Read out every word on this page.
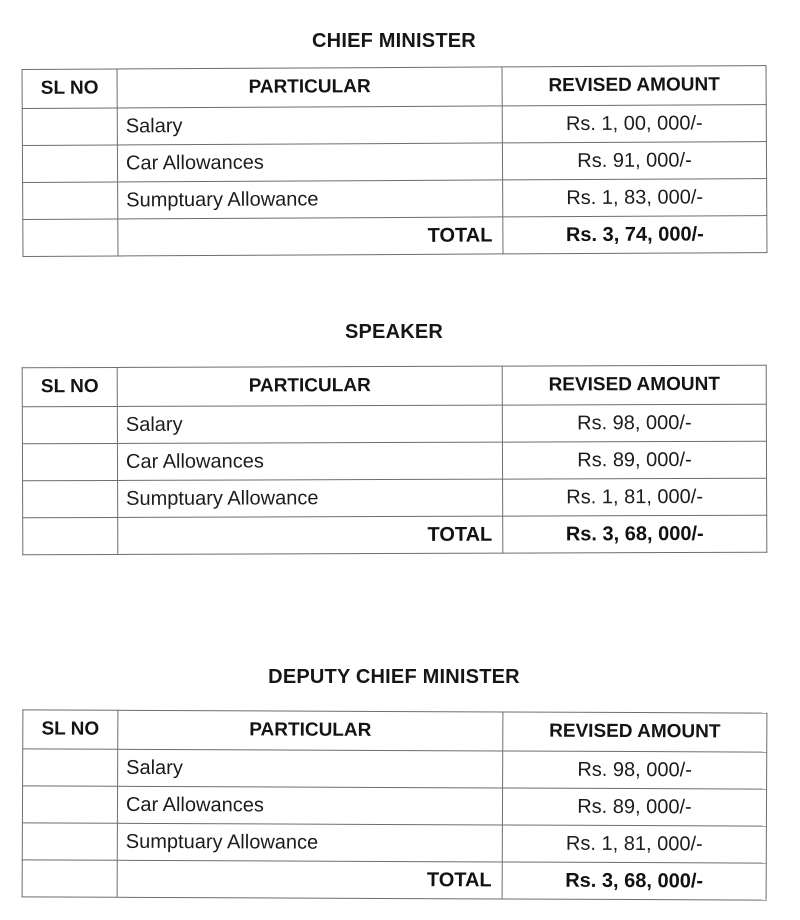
CHIEF MINISTER
SL NO	PARTICULAR	REVISED AMOUNT
	Salary	Rs. 1, 00, 000/-
	Car Allowances	Rs. 91, 000/-
	Sumptuary Allowance	Rs. 1, 83, 000/-
	TOTAL	Rs. 3, 74, 000/-
SPEAKER
SL NO	PARTICULAR	REVISED AMOUNT
	Salary	Rs. 98, 000/-
	Car Allowances	Rs. 89, 000/-
	Sumptuary Allowance	Rs. 1, 81, 000/-
	TOTAL	Rs. 3, 68, 000/-
DEPUTY CHIEF MINISTER
SL NO	PARTICULAR	REVISED AMOUNT
	Salary	Rs. 98, 000/-
	Car Allowances	Rs. 89, 000/-
	Sumptuary Allowance	Rs. 1, 81, 000/-
	TOTAL	Rs. 3, 68, 000/-
